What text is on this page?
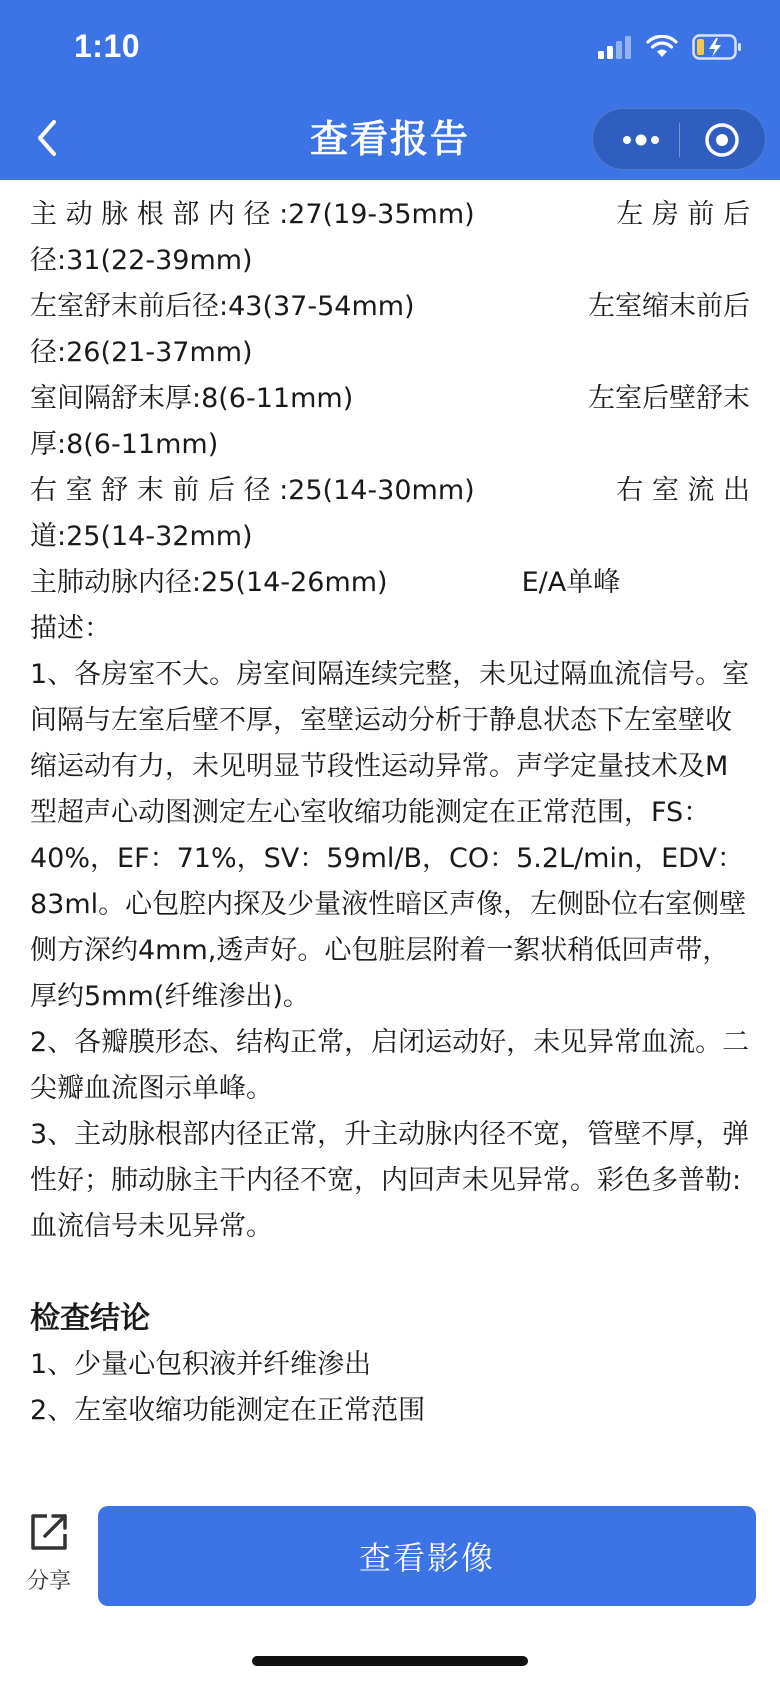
主 动 脉 根 部 内 径 :27(19-35mm)	左 房 前 后
径:31(22-39mm)
左室舒末前后径:43(37-54mm)	左室缩末前后
径:26(21-37mm)
室间隔舒末厚:8(6-11mm)	左室后壁舒末
厚:8(6-11mm)
右 室 舒 末 前 后 径 :25(14-30mm)	右 室 流 出
道:25(14-32mm)
主肺动脉内径:25(14-26mm)	E/A单峰
描述：

1、各房室不大。房室间隔连续完整，未见过隔血流信号。室间隔与左室后壁不厚，室壁运动分析于静息状态下左室壁收缩运动有力，未见明显节段性运动异常。声学定量技术及M型超声心动图测定左心室收缩功能测定在正常范围，FS：40%，EF：71%，SV：59ml/B，CO：5.2L/min，EDV：83ml。心包腔内探及少量液性暗区声像，左侧卧位右室侧壁侧方深约4mm,透声好。心包脏层附着一絮状稍低回声带，厚约5mm(纤维渗出)。

2、各瓣膜形态、结构正常，启闭运动好，未见异常血流。二尖瓣血流图示单峰。

3、主动脉根部内径正常，升主动脉内径不宽，管壁不厚，弹性好；肺动脉主干内径不宽，内回声未见异常。彩色多普勒:血流信号未见异常。

检查结论
1、少量心包积液并纤维渗出
2、左室收缩功能测定在正常范围
1:10
查看报告
分享
查看影像
